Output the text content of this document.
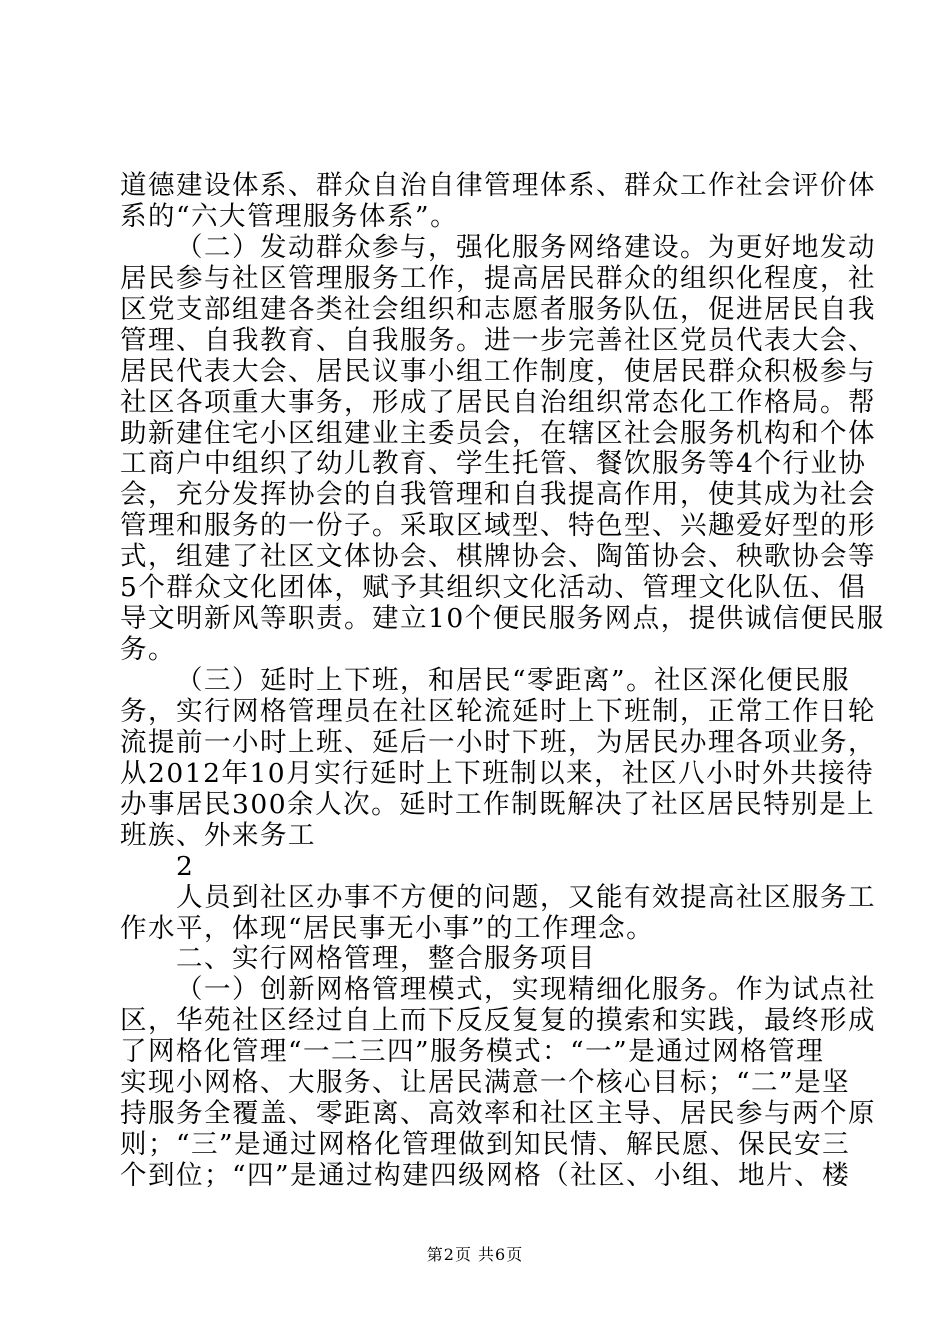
道德建设体系、群众自治自律管理体系、群众工作社会评价体
系的“六大管理服务体系”。
（二）发动群众参与，强化服务网络建设。为更好地发动
居民参与社区管理服务工作，提高居民群众的组织化程度，社
区党支部组建各类社会组织和志愿者服务队伍，促进居民自我
管理、自我教育、自我服务。进一步完善社区党员代表大会、
居民代表大会、居民议事小组工作制度，使居民群众积极参与
社区各项重大事务，形成了居民自治组织常态化工作格局。帮
助新建住宅小区组建业主委员会，在辖区社会服务机构和个体
工商户中组织了幼儿教育、学生托管、餐饮服务等4个行业协
会，充分发挥协会的自我管理和自我提高作用，使其成为社会
管理和服务的一份子。采取区域型、特色型、兴趣爱好型的形
式，组建了社区文体协会、棋牌协会、陶笛协会、秧歌协会等
5个群众文化团体，赋予其组织文化活动、管理文化队伍、倡
导文明新风等职责。建立10个便民服务网点，提供诚信便民服
务。
（三）延时上下班，和居民“零距离”。社区深化便民服
务，实行网格管理员在社区轮流延时上下班制，正常工作日轮
流提前一小时上班、延后一小时下班，为居民办理各项业务，
从2012年10月实行延时上下班制以来，社区八小时外共接待
办事居民300余人次。延时工作制既解决了社区居民特别是上
班族、外来务工
2
人员到社区办事不方便的问题，又能有效提高社区服务工
作水平，体现“居民事无小事”的工作理念。
二、实行网格管理，整合服务项目
（一）创新网格管理模式，实现精细化服务。作为试点社
区，华苑社区经过自上而下反反复复的摸索和实践，最终形成
了网格化管理“一二三四”服务模式：“一”是通过网格管理
实现小网格、大服务、让居民满意一个核心目标；“二”是坚
持服务全覆盖、零距离、高效率和社区主导、居民参与两个原
则；“三”是通过网格化管理做到知民情、解民愿、保民安三
个到位；“四”是通过构建四级网格（社区、小组、地片、楼
第2页 共6页
